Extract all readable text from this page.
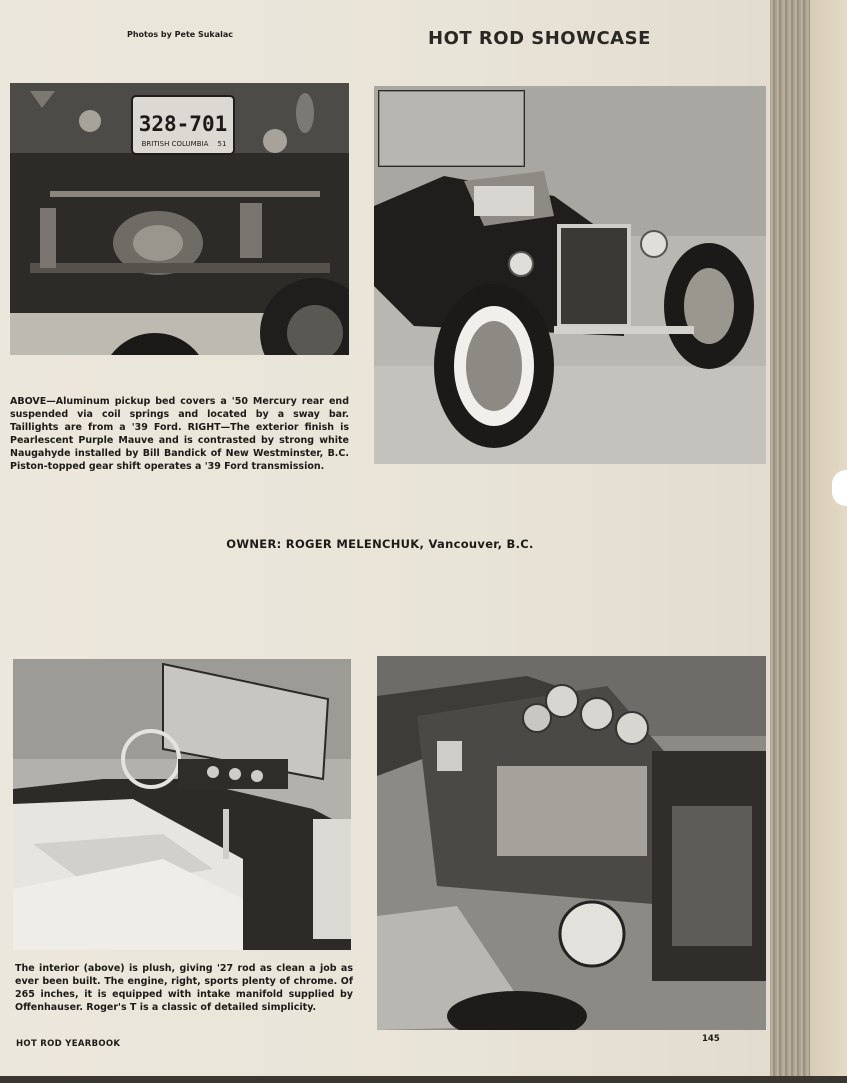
Photos by Pete Sukalac	HOT ROD SHOWCASE
328-701
BRITISH COLUMBIA 51

ABOVE—Aluminum pickup bed covers a '50 Mercury rear end suspended via coil springs and located by a sway bar. Taillights are from a '39 Ford. RIGHT—The exterior finish is Pearlescent Purple Mauve and is contrasted by strong white Naugahyde installed by Bill Bandick of New Westminster, B.C. Piston-topped gear shift operates a '39 Ford transmission.

OWNER: ROGER MELENCHUK, Vancouver, B.C.

The interior (above) is plush, giving '27 rod as clean a job as ever been built. The engine, right, sports plenty of chrome. Of 265 inches, it is equipped with intake manifold supplied by Offenhauser. Roger's T is a classic of detailed simplicity.

HOT ROD YEARBOOK	145
